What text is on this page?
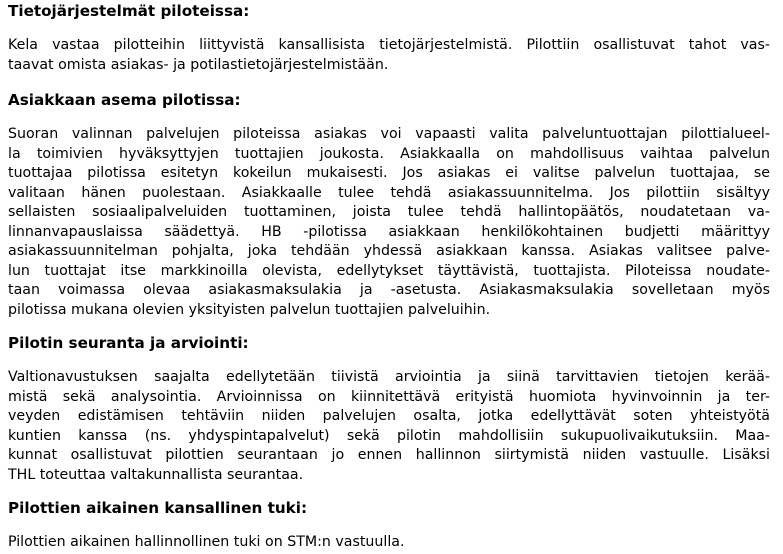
Tietojärjestelmät piloteissa:

Kela vastaa pilotteihin liittyvistä kansallisista tietojärjestelmistä. Pilottiin osallistuvat tahot vas-
taavat omista asiakas- ja potilastietojärjestelmistään.

Asiakkaan asema pilotissa:

Suoran valinnan palvelujen piloteissa asiakas voi vapaasti valita palveluntuottajan pilottialueel-
la toimivien hyväksyttyjen tuottajien joukosta. Asiakkaalla on mahdollisuus vaihtaa palvelun
tuottajaa pilotissa esitetyn kokeilun mukaisesti. Jos asiakas ei valitse palvelun tuottajaa, se
valitaan hänen puolestaan. Asiakkaalle tulee tehdä asiakassuunnitelma. Jos pilottiin sisältyy
sellaisten sosiaalipalveluiden tuottaminen, joista tulee tehdä hallintopäätös, noudatetaan va-
linnanvapauslaissa säädettyä. HB -pilotissa asiakkaan henkilökohtainen budjetti määrittyy
asiakassuunnitelman pohjalta, joka tehdään yhdessä asiakkaan kanssa. Asiakas valitsee palve-
lun tuottajat itse markkinoilla olevista, edellytykset täyttävistä, tuottajista. Piloteissa noudate-
taan voimassa olevaa asiakasmaksulakia ja -asetusta. Asiakasmaksulakia sovelletaan myös
pilotissa mukana olevien yksityisten palvelun tuottajien palveluihin.

Pilotin seuranta ja arviointi:

Valtionavustuksen saajalta edellytetään tiivistä arviointia ja siinä tarvittavien tietojen kerää-
mistä sekä analysointia. Arvioinnissa on kiinnitettävä erityistä huomiota hyvinvoinnin ja ter-
veyden edistämisen tehtäviin niiden palvelujen osalta, jotka edellyttävät soten yhteistyötä
kuntien kanssa (ns. yhdyspintapalvelut) sekä pilotin mahdollisiin sukupuolivaikutuksiin. Maa-
kunnat osallistuvat pilottien seurantaan jo ennen hallinnon siirtymistä niiden vastuulle. Lisäksi
THL toteuttaa valtakunnallista seurantaa.

Pilottien aikainen kansallinen tuki:

Pilottien aikainen hallinnollinen tuki on STM:n vastuulla.
